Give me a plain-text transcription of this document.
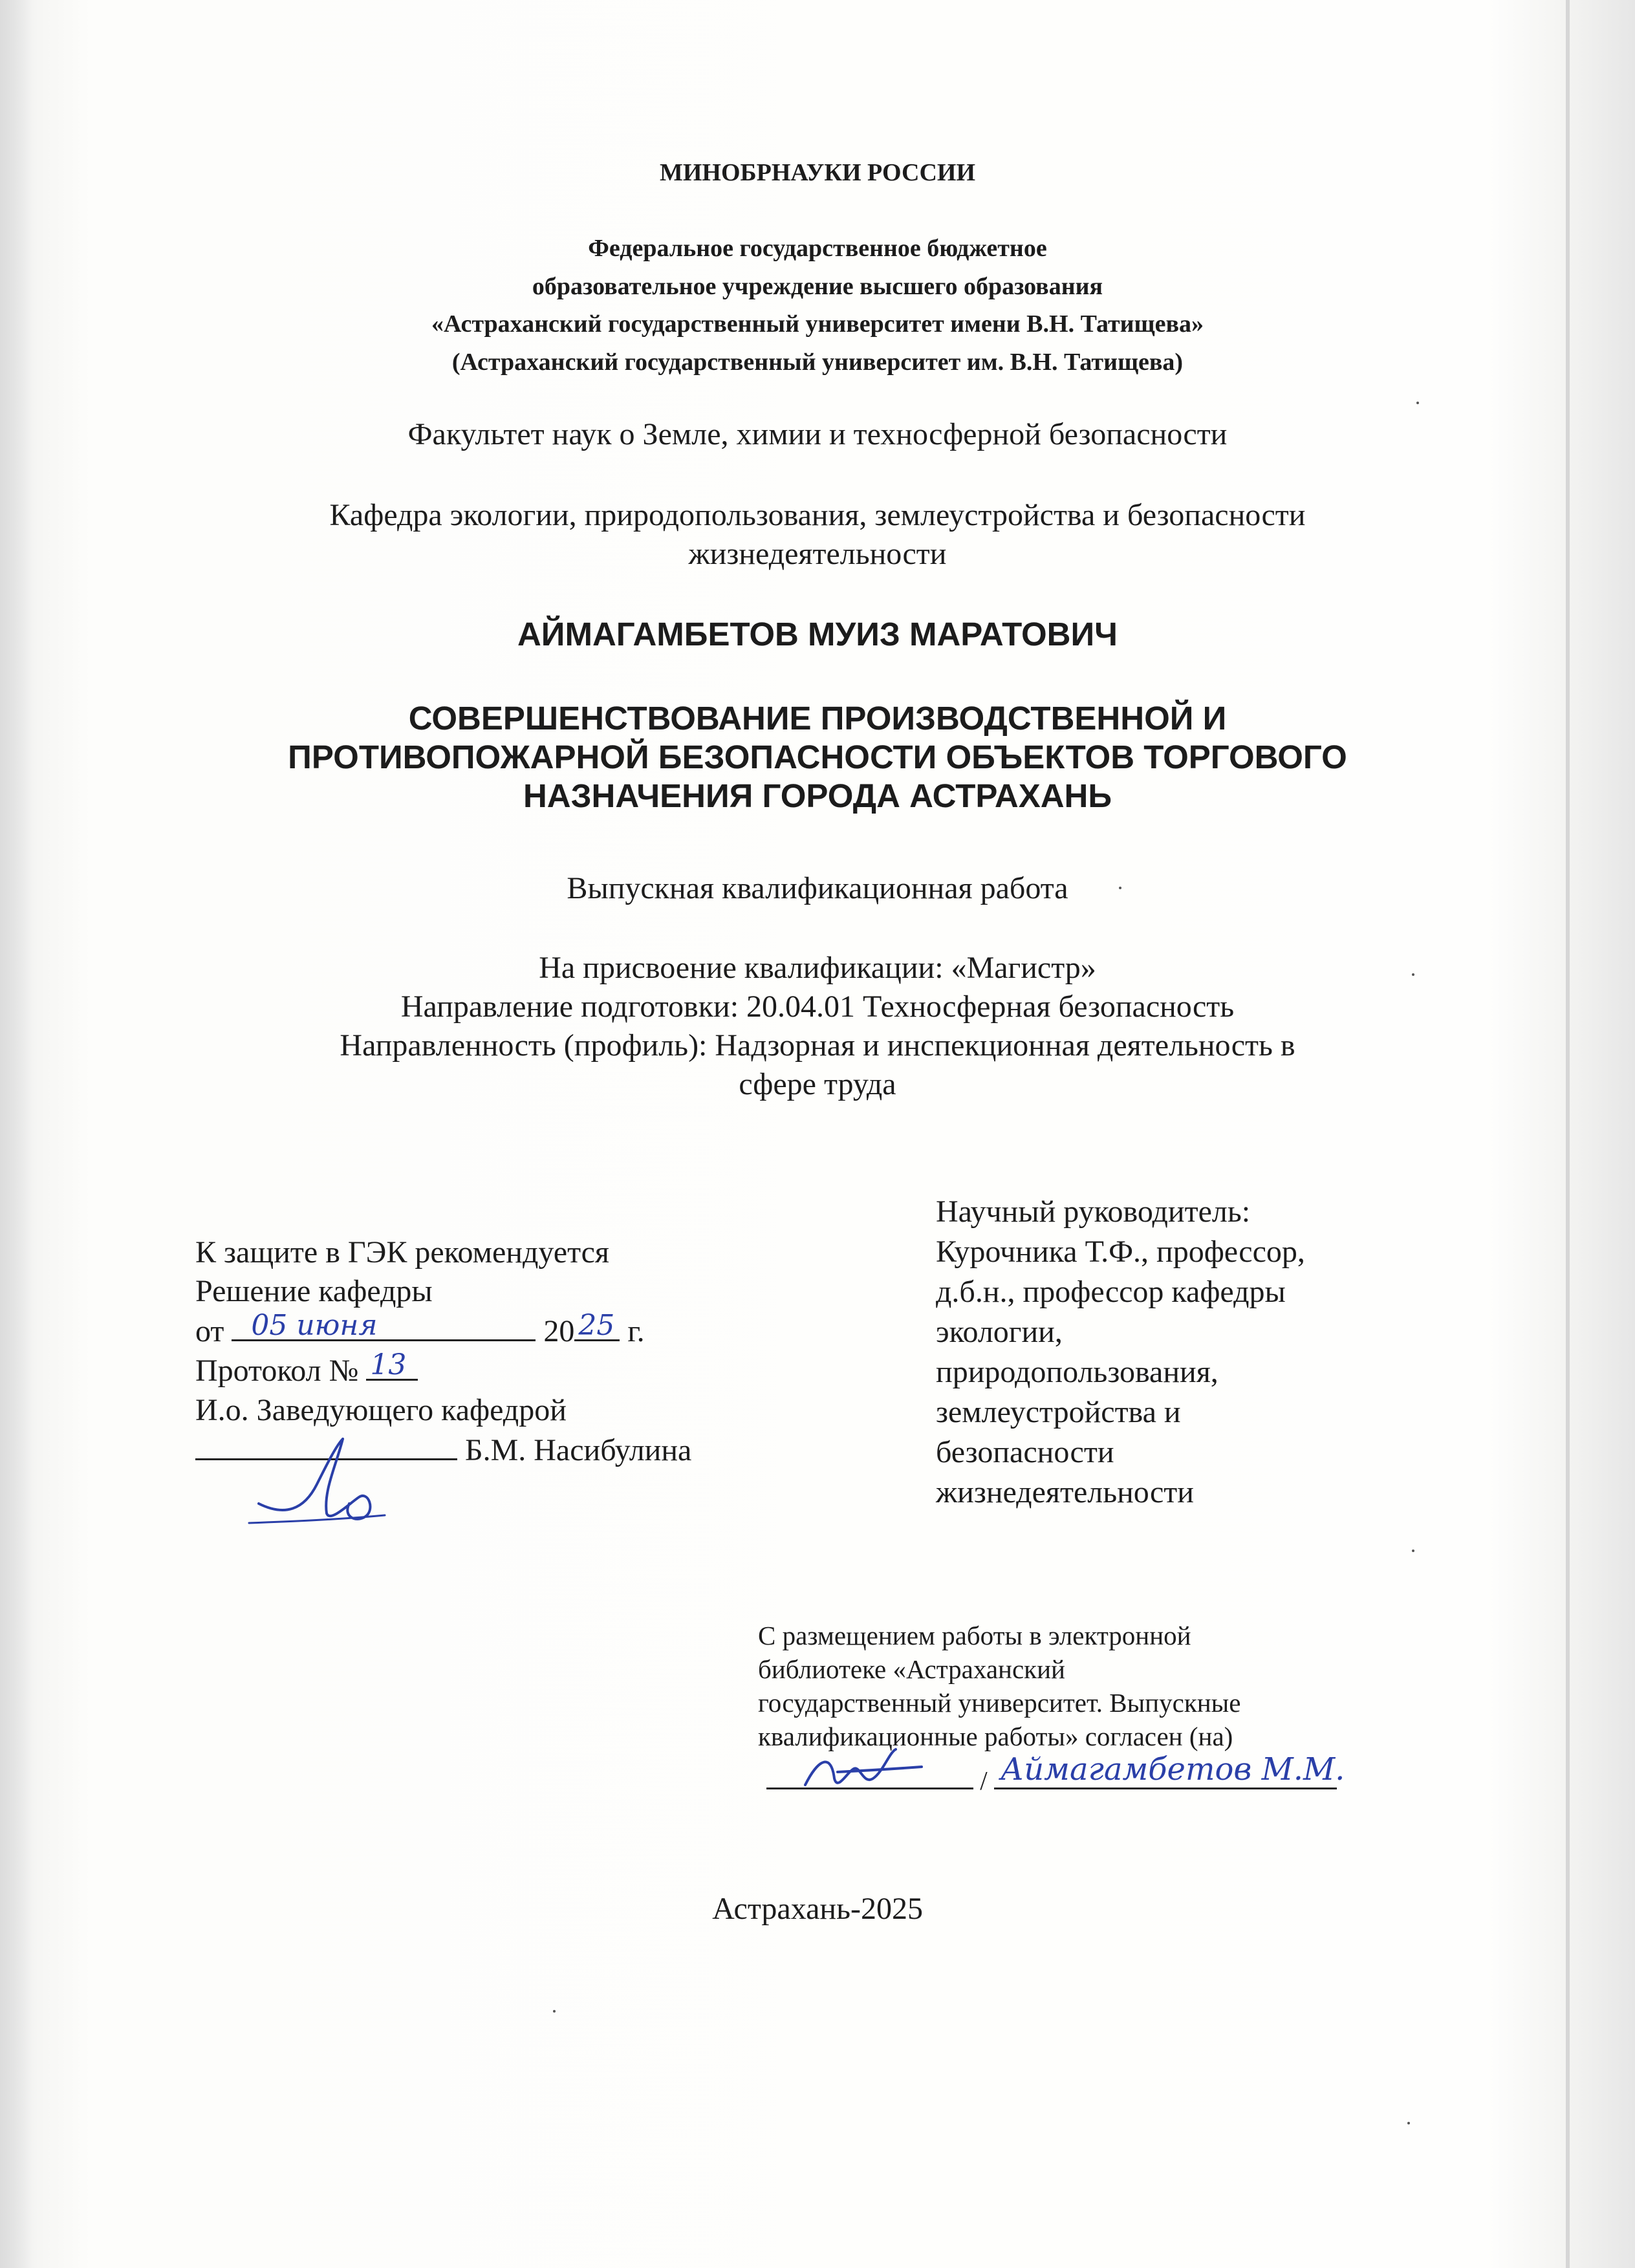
МИНОБРНАУКИ РОССИИ
Федеральное государственное бюджетное
образовательное учреждение высшего образования
«Астраханский государственный университет имени В.Н. Татищева»
(Астраханский государственный университет им. В.Н. Татищева)
Факультет наук о Земле, химии и техносферной безопасности
Кафедра экологии, природопользования, землеустройства и безопасности
жизнедеятельности
АЙМАГАМБЕТОВ МУИЗ МАРАТОВИЧ
СОВЕРШЕНСТВОВАНИЕ ПРОИЗВОДСТВЕННОЙ И
ПРОТИВОПОЖАРНОЙ БЕЗОПАСНОСТИ ОБЪЕКТОВ ТОРГОВОГО
НАЗНАЧЕНИЯ ГОРОДА АСТРАХАНЬ
Выпускная квалификационная работа
На присвоение квалификации: «Магистр»
Направление подготовки: 20.04.01 Техносферная безопасность
Направленность (профиль): Надзорная и инспекционная деятельность в
сфере труда
К защите в ГЭК рекомендуется
Решение кафедры
от 05 июня	20 25 г.
Протокол № 13
И.о. Заведующего кафедрой
Б.М. Насибулина
Научный руководитель:
Курочника Т.Ф., профессор,
д.б.н., профессор кафедры
экологии,
природопользования,
землеустройства и
безопасности
жизнедеятельности
С размещением работы в электронной
библиотеке «Астраханский
государственный университет. Выпускные
квалификационные работы» согласен (на)
/ Аймагамбетов М.М.
Астрахань-2025
